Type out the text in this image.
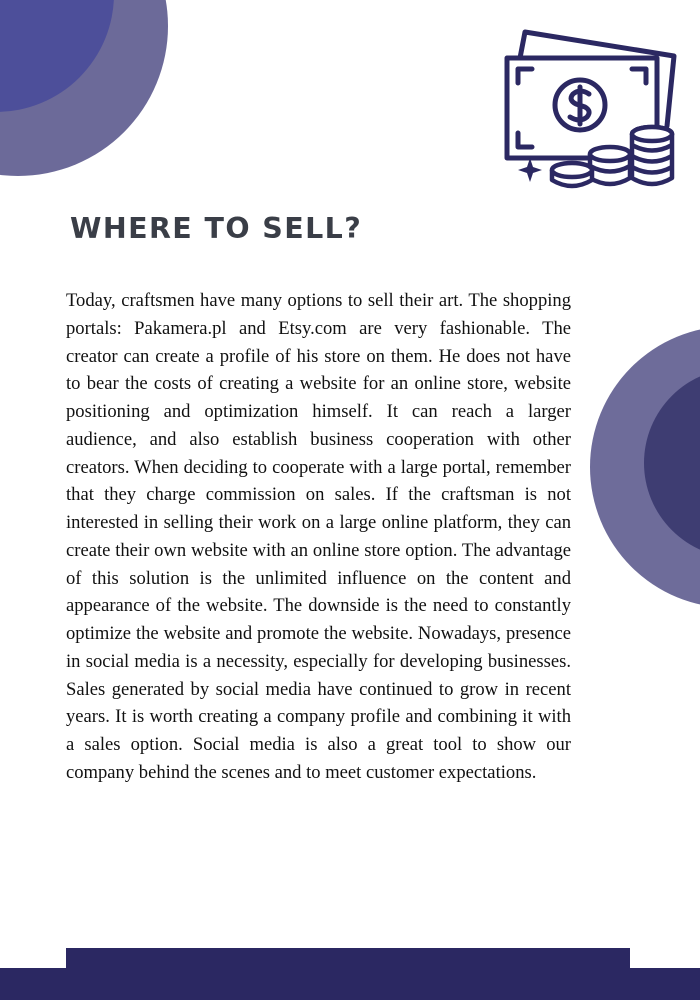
WHERE TO SELL?

Today, craftsmen have many options to sell their art. The shopping portals: Pakamera.pl and Etsy.com are very fashionable. The creator can create a profile of his store on them. He does not have to bear the costs of creating a website for an online store, website positioning and optimization himself. It can reach a larger audience, and also establish business cooperation with other creators. When deciding to cooperate with a large portal, remember that they charge commission on sales. If the craftsman is not interested in selling their work on a large online platform, they can create their own website with an online store option. The advantage of this solution is the unlimited influence on the content and appearance of the website. The downside is the need to constantly optimize the website and promote the website. Nowadays, presence in social media is a necessity, especially for developing businesses. Sales generated by social media have continued to grow in recent years. It is worth creating a company profile and combining it with a sales option. Social media is also a great tool to show our company behind the scenes and to meet customer expectations.
